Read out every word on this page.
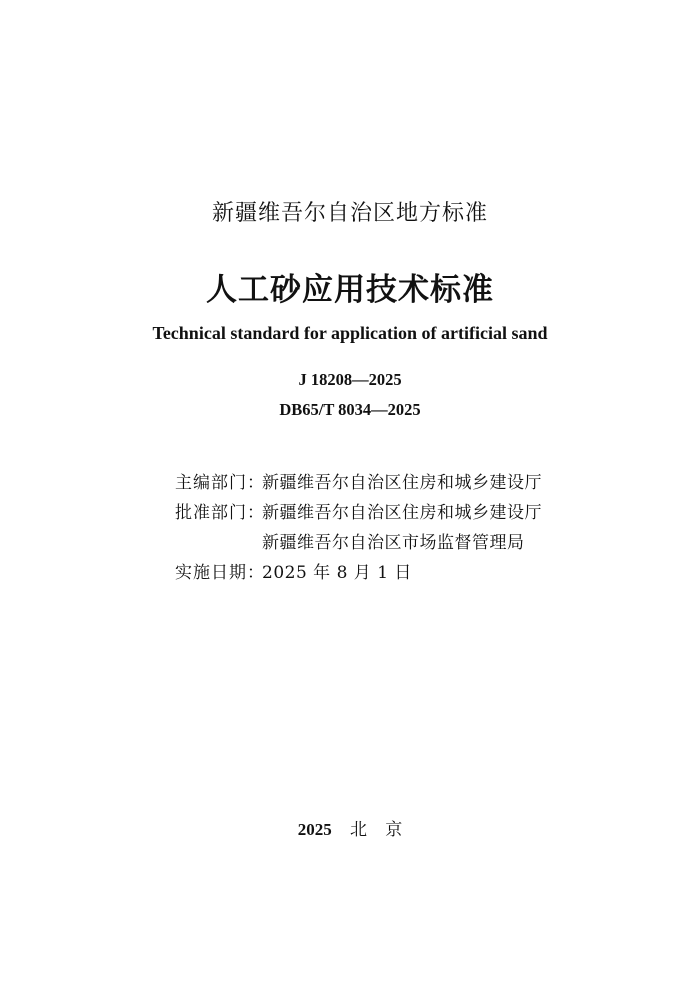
新疆维吾尔自治区地方标准
人工砂应用技术标准
Technical standard for application of artificial sand
J 18208—2025
DB65/T 8034—2025
主编部门：
新疆维吾尔自治区住房和城乡建设厅
批准部门：
新疆维吾尔自治区住房和城乡建设厅
新疆维吾尔自治区市场监督管理局
实施日期：
2025 年 8 月 1 日
2025 北 京
